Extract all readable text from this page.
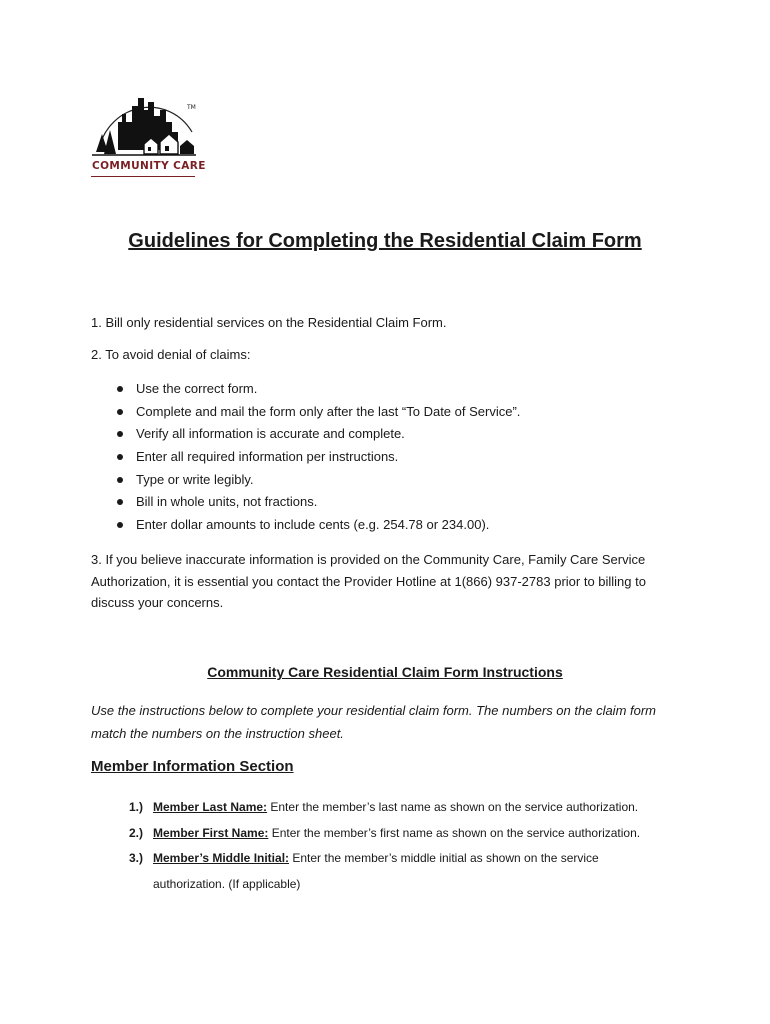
TM
COMMUNITY CARE
Guidelines for Completing the Residential Claim Form

1. Bill only residential services on the Residential Claim Form.

2. To avoid denial of claims:

Use the correct form.
Complete and mail the form only after the last “To Date of Service”.
Verify all information is accurate and complete.
Enter all required information per instructions.
Type or write legibly.
Bill in whole units, not fractions.
Enter dollar amounts to include cents (e.g. 254.78 or 234.00).

3. If you believe inaccurate information is provided on the Community Care, Family Care Service Authorization, it is essential you contact the Provider Hotline at 1(866) 937-2783 prior to billing to discuss your concerns.

Community Care Residential Claim Form Instructions

Use the instructions below to complete your residential claim form. The numbers on the claim form match the numbers on the instruction sheet.

Member Information Section
1.) Member Last Name: Enter the member’s last name as shown on the service authorization.
2.) Member First Name: Enter the member’s first name as shown on the service authorization.
3.) Member’s Middle Initial: Enter the member’s middle initial as shown on the service
authorization. (If applicable)
